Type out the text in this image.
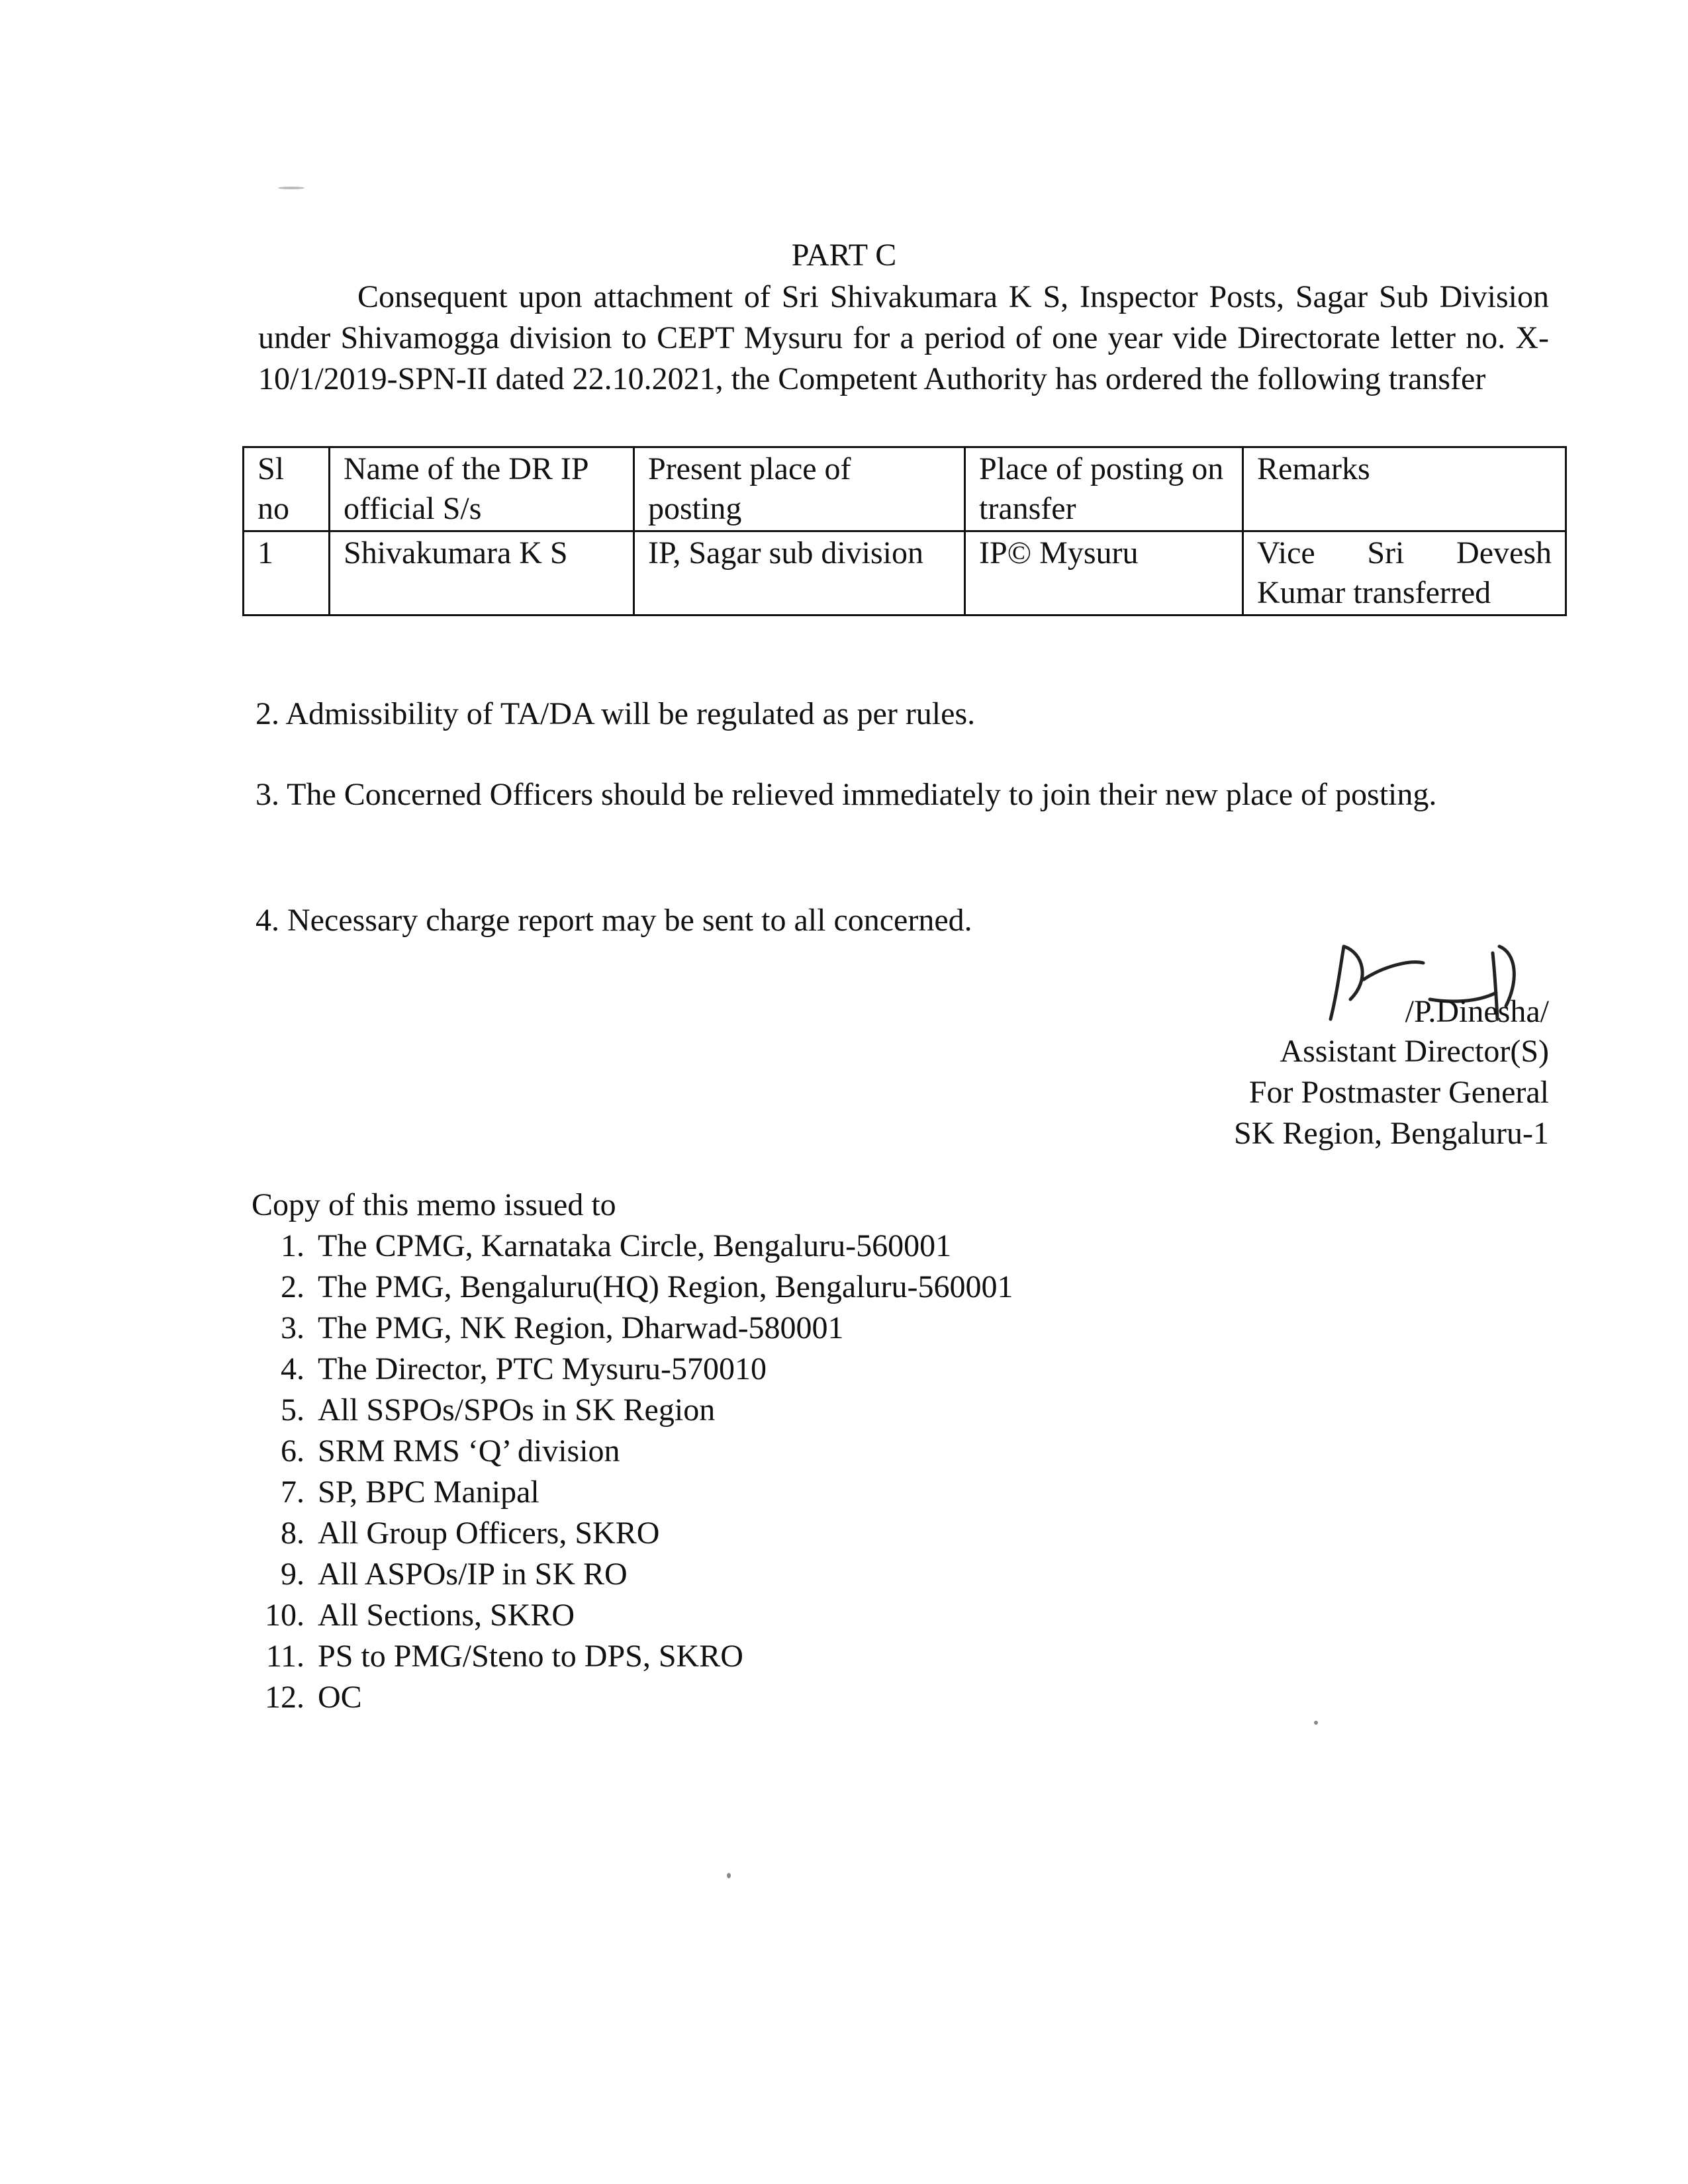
PART C

Consequent upon attachment of Sri Shivakumara K S, Inspector Posts, Sagar Sub Division under Shivamogga division to CEPT Mysuru for a period of one year vide Directorate letter no. X-10/1/2019-SPN-II dated 22.10.2021, the Competent Authority has ordered the following transfer

Sl no	Name of the DR IP official S/s	Present place of posting	Place of posting on transfer	Remarks
1	Shivakumara K S	IP, Sagar sub division	IP© Mysuru	Vice Sri Devesh Kumar transferred

2. Admissibility of TA/DA will be regulated as per rules.

3. The Concerned Officers should be relieved immediately to join their new place of posting.

4. Necessary charge report may be sent to all concerned.

/P.Dinesha/
Assistant Director(S)
For Postmaster General
SK Region, Bengaluru-1
Copy of this memo issued to
1. The CPMG, Karnataka Circle, Bengaluru-560001
2. The PMG, Bengaluru(HQ) Region, Bengaluru-560001
3. The PMG, NK Region, Dharwad-580001
4. The Director, PTC Mysuru-570010
5. All SSPOs/SPOs in SK Region
6. SRM RMS ‘Q’ division
7. SP, BPC Manipal
8. All Group Officers, SKRO
9. All ASPOs/IP in SK RO
10. All Sections, SKRO
11. PS to PMG/Steno to DPS, SKRO
12. OC
